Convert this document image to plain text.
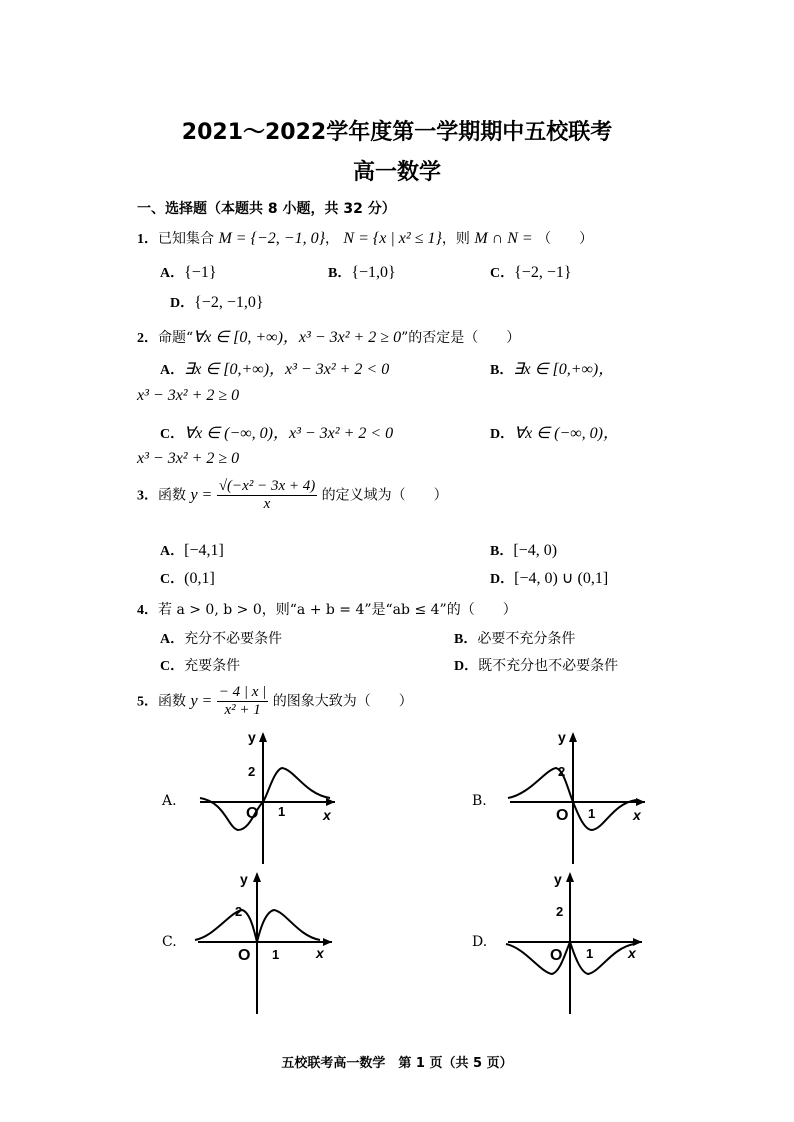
2021～2022学年度第一学期期中五校联考
高一数学
一、选择题（本题共 8 小题，共 32 分）
1．已知集合 M = {−2, −1, 0}， N = {x | x² ≤ 1}，则 M ∩ N = （　　）
A．{−1}	B．{−1,0}	C．{−2, −1}
D．{−2, −1,0}
2．命题“∀x ∈ [0, +∞)，x³ − 3x² + 2 ≥ 0”的否定是（　　）
A．∃x ∈ [0,+∞)，x³ − 3x² + 2 < 0	B．∃x ∈ [0,+∞)，
x³ − 3x² + 2 ≥ 0
C．∀x ∈ (−∞, 0)，x³ − 3x² + 2 < 0	D．∀x ∈ (−∞, 0)，
x³ − 3x² + 2 ≥ 0
3．函数 $y = \frac{\text{√(−x² − 3x + 4)}}{x}$ 的定义域为（　　）
A．[−4,1]	B．[−4, 0)
C．(0,1]	D．[−4, 0) ∪ (0,1]
4．若 a > 0, b > 0，则“a + b = 4”是“ab ≤ 4”的（　　）
A．充分不必要条件	B．必要不充分条件
C．充要条件	D．既不充分也不必要条件
5．函数 $y = \frac{- 4 | x |}{\text{x² + 1}}$ 的图象大致为（　　）
A.	B.
C.	D.
y
2
O 1	x
y
2
O 1	x
y
2
O 1	x
y
2
O 1 x
五校联考高一数学　第 1 页（共 5 页）
